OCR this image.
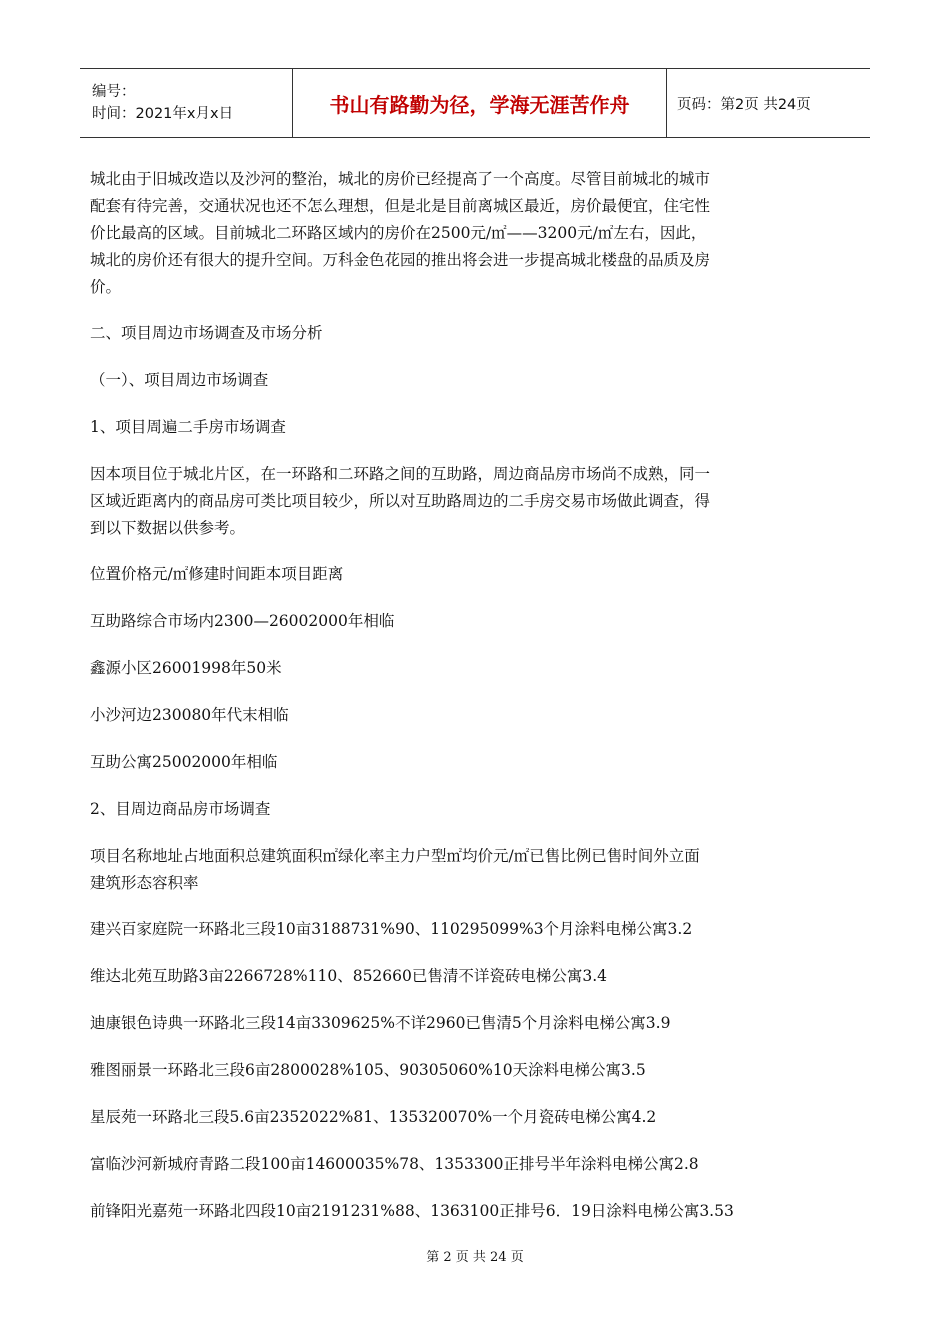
编号：
时间：2021年x月x日	书山有路勤为径，学海无涯苦作舟	页码：第2页 共24页

城北由于旧城改造以及沙河的整治，城北的房价已经提高了一个高度。尽管目前城北的城市

配套有待完善，交通状况也还不怎么理想，但是北是目前离城区最近，房价最便宜，住宅性

价比最高的区域。目前城北二环路区域内的房价在2500元/㎡——3200元/㎡左右，因此，

城北的房价还有很大的提升空间。万科金色花园的推出将会进一步提高城北楼盘的品质及房

价。

二、项目周边市场调查及市场分析

（一）、项目周边市场调查

1、项目周遍二手房市场调查

因本项目位于城北片区，在一环路和二环路之间的互助路，周边商品房市场尚不成熟，同一

区域近距离内的商品房可类比项目较少，所以对互助路周边的二手房交易市场做此调查，得

到以下数据以供参考。

位置价格元/㎡修建时间距本项目距离

互助路综合市场内2300—26002000年相临

鑫源小区26001998年50米

小沙河边230080年代末相临

互助公寓25002000年相临

2、目周边商品房市场调查

项目名称地址占地面积总建筑面积㎡绿化率主力户型㎡均价元/㎡已售比例已售时间外立面

建筑形态容积率

建兴百家庭院一环路北三段10亩3188731%90、110295099%3个月涂料电梯公寓3.2

维达北苑互助路3亩2266728%110、852660已售清不详瓷砖电梯公寓3.4

迪康银色诗典一环路北三段14亩3309625%不详2960已售清5个月涂料电梯公寓3.9

雅图丽景一环路北三段6亩2800028%105、90305060%10天涂料电梯公寓3.5

星辰苑一环路北三段5.6亩2352022%81、135320070%一个月瓷砖电梯公寓4.2

富临沙河新城府青路二段100亩14600035%78、1353300正排号半年涂料电梯公寓2.8

前锋阳光嘉苑一环路北四段10亩2191231%88、1363100正排号6．19日涂料电梯公寓3.53

第 2 页 共 24 页
